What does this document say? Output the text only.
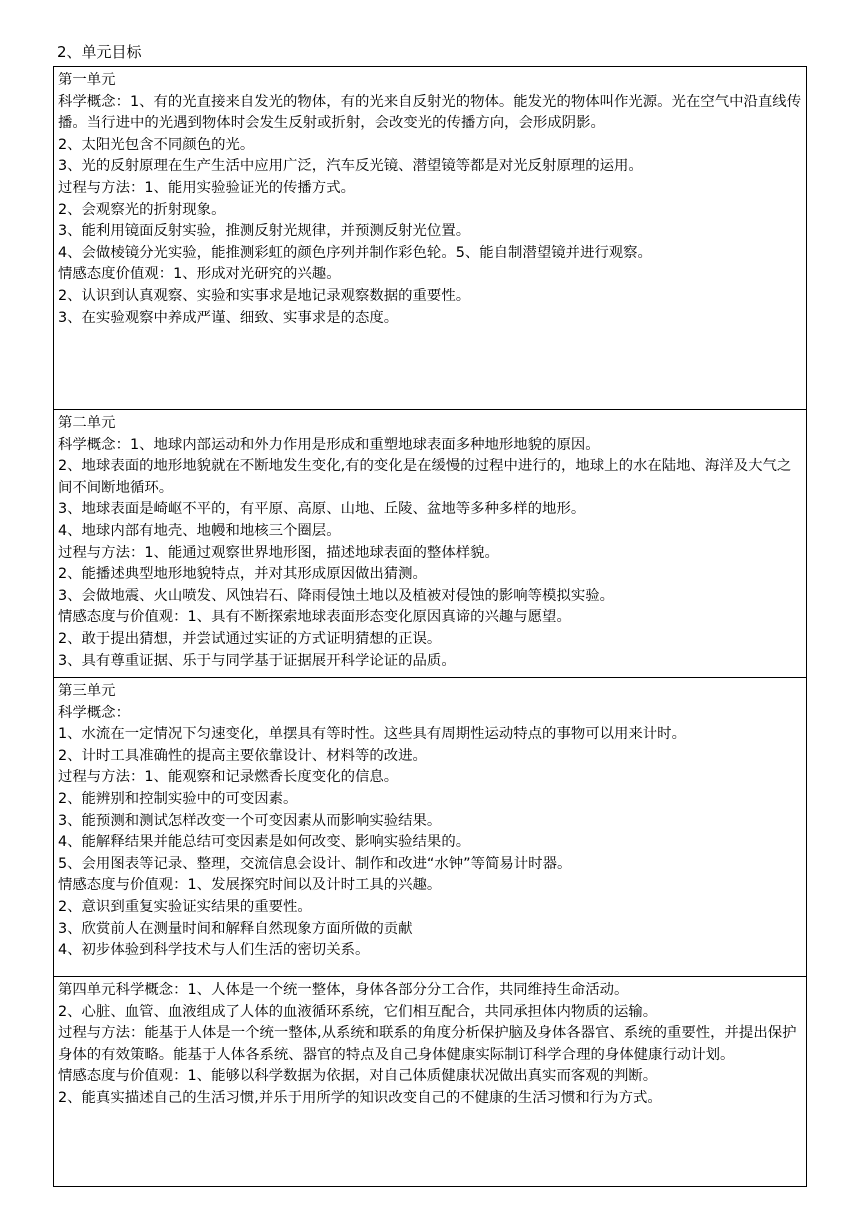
2、单元目标
第一单元
科学概念：1、有的光直接来自发光的物体，有的光来自反射光的物体。能发光的物体叫作光源。光在空气中沿直线传播。当行进中的光遇到物体时会发生反射或折射，会改变光的传播方向，会形成阴影。
2、太阳光包含不同颜色的光。
3、光的反射原理在生产生活中应用广泛，汽车反光镜、潜望镜等都是对光反射原理的运用。
过程与方法：1、能用实验验证光的传播方式。
2、会观察光的折射现象。
3、能利用镜面反射实验，推测反射光规律，并预测反射光位置。
4、会做棱镜分光实验，能推测彩虹的颜色序列并制作彩色轮。5、能自制潜望镜并进行观察。
情感态度价值观：1、形成对光研究的兴趣。
2、认识到认真观察、实验和实事求是地记录观察数据的重要性。
3、在实验观察中养成严谨、细致、实事求是的态度。

第二单元
科学概念：1、地球内部运动和外力作用是形成和重塑地球表面多种地形地貌的原因。
2、地球表面的地形地貌就在不断地发生变化,有的变化是在缓慢的过程中进行的，地球上的水在陆地、海洋及大气之间不间断地循环。
3、地球表面是崎岖不平的，有平原、高原、山地、丘陵、盆地等多种多样的地形。
4、地球内部有地壳、地幔和地核三个圈层。
过程与方法：1、能通过观察世界地形图，描述地球表面的整体样貌。
2、能播述典型地形地貌特点，并对其形成原因做出猜测。
3、会做地震、火山喷发、风蚀岩石、降雨侵蚀土地以及植被对侵蚀的影响等模拟实验。
情感态度与价值观：1、具有不断探索地球表面形态变化原因真谛的兴趣与愿望。
2、敢于提出猜想，并尝试通过实证的方式证明猜想的正误。
3、具有尊重证据、乐于与同学基于证据展开科学论证的品质。

第三单元
科学概念：
1、水流在一定情况下匀速变化，单摆具有等时性。这些具有周期性运动特点的事物可以用来计时。
2、计时工具准确性的提高主要依靠设计、材料等的改进。
过程与方法：1、能观察和记录燃香长度变化的信息。
2、能辨别和控制实验中的可变因素。
3、能预测和测试怎样改变一个可变因素从而影响实验结果。
4、能解释结果并能总结可变因素是如何改变、影响实验结果的。
5、会用图表等记录、整理，交流信息会设计、制作和改进“水钟”等简易计时器。
情感态度与价值观：1、发展探究时间以及计时工具的兴趣。
2、意识到重复实验证实结果的重要性。
3、欣赏前人在测量时间和解释自然现象方面所做的贡献
4、初步体验到科学技术与人们生活的密切关系。

第四单元科学概念：1、人体是一个统一整体，身体各部分分工合作，共同维持生命活动。
2、心脏、血管、血液组成了人体的血液循环系统，它们相互配合，共同承担体内物质的运输。
过程与方法：能基于人体是一个统一整体,从系统和联系的角度分析保护脑及身体各器官、系统的重要性，并提出保护身体的有效策略。能基于人体各系统、器官的特点及自己身体健康实际制订科学合理的身体健康行动计划。
情感态度与价值观：1、能够以科学数据为依据，对自己体质健康状况做出真实而客观的判断。
2、能真实描述自己的生活习惯,并乐于用所学的知识改变自己的不健康的生活习惯和行为方式。
